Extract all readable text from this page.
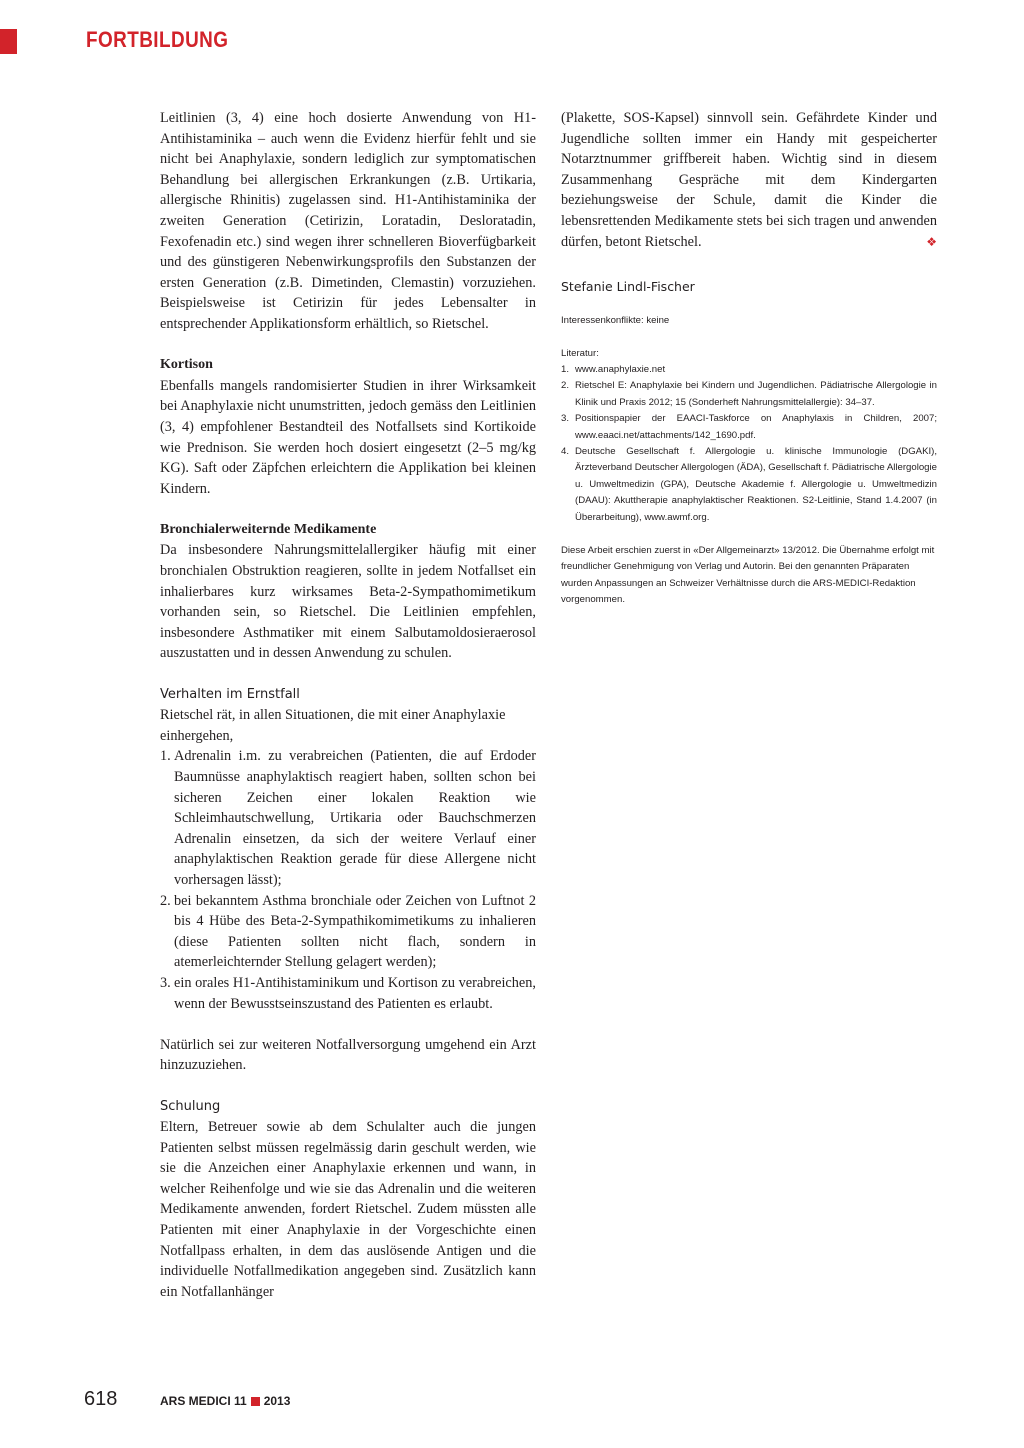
FORTBILDUNG

Leitlinien (3, 4) eine hoch dosierte Anwendung von H1-Antihistaminika – auch wenn die Evidenz hierfür fehlt und sie nicht bei Anaphylaxie, sondern lediglich zur symptomatischen Behandlung bei allergischen Erkrankungen (z.B. Urtikaria, allergische Rhinitis) zugelassen sind. H1-Antihistaminika der zweiten Generation (Cetirizin, Loratadin, Desloratadin, Fexofenadin etc.) sind wegen ihrer schnelleren Bioverfügbarkeit und des günstigeren Nebenwirkungsprofils den Substanzen der ersten Generation (z.B. Dimetinden, Clemastin) vorzuziehen. Beispielsweise ist Cetirizin für jedes Lebensalter in entsprechender Applikationsform erhältlich, so Rietschel.

Kortison

Ebenfalls mangels randomisierter Studien in ihrer Wirksamkeit bei Anaphylaxie nicht unumstritten, jedoch gemäss den Leitlinien (3, 4) empfohlener Bestandteil des Notfallsets sind Kortikoide wie Prednison. Sie werden hoch dosiert eingesetzt (2–5 mg/kg KG). Saft oder Zäpfchen erleichtern die Applikation bei kleinen Kindern.

Bronchialerweiternde Medikamente

Da insbesondere Nahrungsmittelallergiker häufig mit einer bronchialen Obstruktion reagieren, sollte in jedem Notfallset ein inhalierbares kurz wirksames Beta-2-Sympathomimetikum vorhanden sein, so Rietschel. Die Leitlinien empfehlen, insbesondere Asthmatiker mit einem Salbutamoldosieraerosol auszustatten und in dessen Anwendung zu schulen.

Verhalten im Ernstfall

Rietschel rät, in allen Situationen, die mit einer Anaphylaxie einhergehen,

1. Adrenalin i.m. zu verabreichen (Patienten, die auf Erdoder Baumnüsse anaphylaktisch reagiert haben, sollten schon bei sicheren Zeichen einer lokalen Reaktion wie Schleimhautschwellung, Urtikaria oder Bauchschmerzen Adrenalin einsetzen, da sich der weitere Verlauf einer anaphylaktischen Reaktion gerade für diese Allergene nicht vorhersagen lässt);
2. bei bekanntem Asthma bronchiale oder Zeichen von Luftnot 2 bis 4 Hübe des Beta-2-Sympathikomimetikums zu inhalieren (diese Patienten sollten nicht flach, sondern in atemerleichternder Stellung gelagert werden);
3. ein orales H1-Antihistaminikum und Kortison zu verabreichen, wenn der Bewusstseinszustand des Patienten es erlaubt.

Natürlich sei zur weiteren Notfallversorgung umgehend ein Arzt hinzuzuziehen.

Schulung

Eltern, Betreuer sowie ab dem Schulalter auch die jungen Patienten selbst müssen regelmässig darin geschult werden, wie sie die Anzeichen einer Anaphylaxie erkennen und wann, in welcher Reihenfolge und wie sie das Adrenalin und die weiteren Medikamente anwenden, fordert Rietschel. Zudem müssten alle Patienten mit einer Anaphylaxie in der Vorgeschichte einen Notfallpass erhalten, in dem das auslösende Antigen und die individuelle Notfallmedikation angegeben sind. Zusätzlich kann ein Notfallanhänger

(Plakette, SOS-Kapsel) sinnvoll sein. Gefährdete Kinder und Jugendliche sollten immer ein Handy mit gespeicherter Notarztnummer griffbereit haben. Wichtig sind in diesem Zusammenhang Gespräche mit dem Kindergarten beziehungsweise der Schule, damit die Kinder die lebensrettenden Medikamente stets bei sich tragen und anwenden dürfen, betont Rietschel.	❖

Stefanie Lindl-Fischer

Interessenkonflikte: keine

Literatur:

1. www.anaphylaxie.net
2. Rietschel E: Anaphylaxie bei Kindern und Jugendlichen. Pädiatrische Allergologie in Klinik und Praxis 2012; 15 (Sonderheft Nahrungsmittelallergie): 34–37.
3. Positionspapier der EAACI-Taskforce on Anaphylaxis in Children, 2007; www.eaaci.net/attachments/142_1690.pdf.
4. Deutsche Gesellschaft f. Allergologie u. klinische Immunologie (DGAKI), Ärzteverband Deutscher Allergologen (ÄDA), Gesellschaft f. Pädiatrische Allergologie u. Umweltmedizin (GPA), Deutsche Akademie f. Allergologie u. Umweltmedizin (DAAU): Akuttherapie anaphylaktischer Reaktionen. S2-Leitlinie, Stand 1.4.2007 (in Überarbeitung), www.awmf.org.

Diese Arbeit erschien zuerst in «Der Allgemeinarzt» 13/2012. Die Übernahme erfolgt mit freundlicher Genehmigung von Verlag und Autorin. Bei den genannten Präparaten wurden Anpassungen an Schweizer Verhältnisse durch die ARS-MEDICI-Redaktion vorgenommen.

618	ARS MEDICI 11 2013
